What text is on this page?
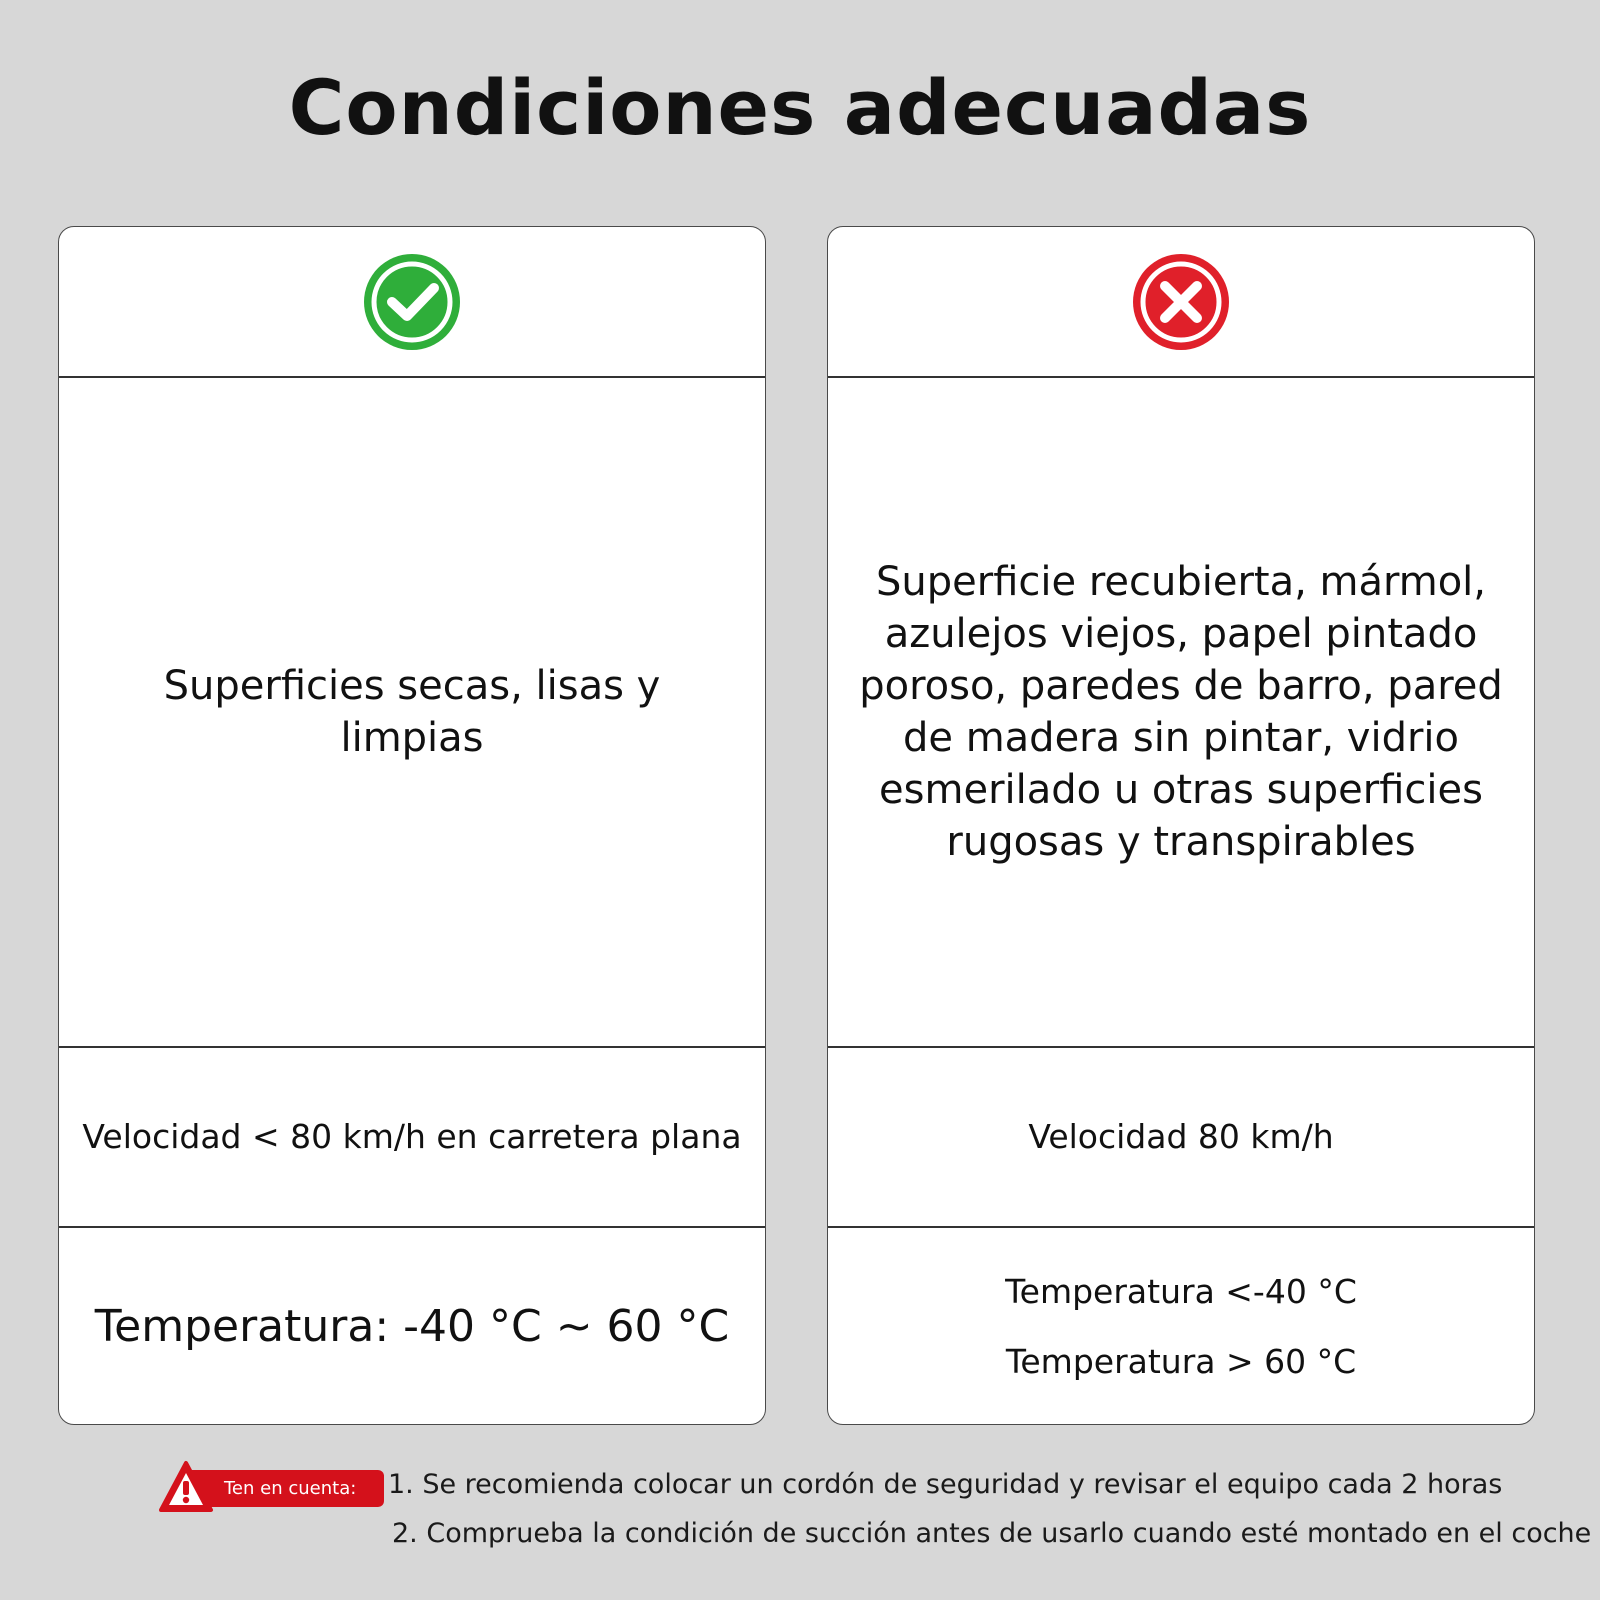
Condiciones adecuadas

Superficies secas, lisas y limpias

Velocidad < 80 km/h en carretera plana
Temperatura: -40 °C ~ 60 °C

Superficie recubierta, mármol, azulejos viejos, papel pintado poroso, paredes de barro, pared de madera sin pintar, vidrio esmerilado u otras superficies rugosas y transpirables

Velocidad 80 km/h
Temperatura <-40 °C
Temperatura > 60 °C
Ten en cuenta: 1. Se recomienda colocar un cordón de seguridad y revisar el equipo cada 2 horas
2. Comprueba la condición de succión antes de usarlo cuando esté montado en el coche
